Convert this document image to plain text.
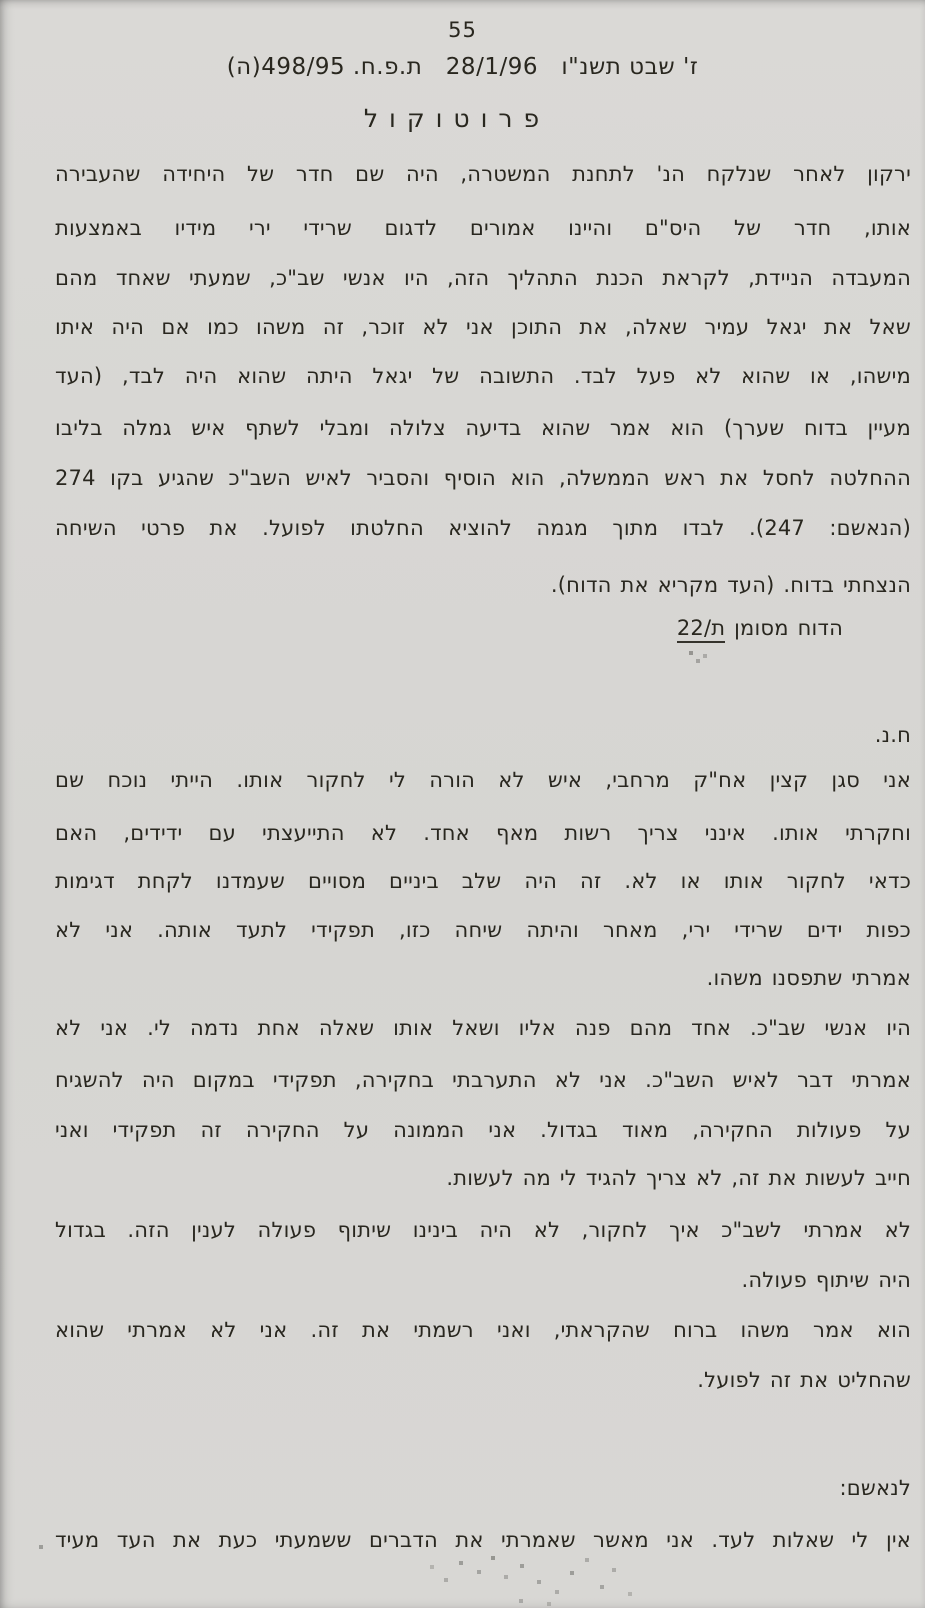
55
ז' שבט תשנ"ו   28/1/96   ת.פ.ח. 498/95(ה)
פרוטוקול
ירקון לאחר שנלקח הנ' לתחנת המשטרה, היה שם חדר של היחידה שהעבירה
אותו, חדר של היס"ם והיינו אמורים לדגום שרידי ירי מידיו באמצעות
המעבדה הניידת, לקראת הכנת התהליך הזה, היו אנשי שב"כ, שמעתי שאחד מהם
שאל את יגאל עמיר שאלה, את התוכן אני לא זוכר, זה משהו כמו אם היה איתו
מישהו, או שהוא לא פעל לבד. התשובה של יגאל היתה שהוא היה לבד, (העד
מעיין בדוח שערך) הוא אמר שהוא בדיעה צלולה ומבלי לשתף איש גמלה בליבו
ההחלטה לחסל את ראש הממשלה, הוא הוסיף והסביר לאיש השב"כ שהגיע בקו 274
(הנאשם: 247). לבדו מתוך מגמה להוציא החלטתו לפועל. את פרטי השיחה
הנצחתי בדוח. (העד מקריא את הדוח).
הדוח מסומן ת/22
ח.נ.
אני סגן קצין אח"ק מרחבי, איש לא הורה לי לחקור אותו. הייתי נוכח שם
וחקרתי אותו. אינני צריך רשות מאף אחד. לא התייעצתי עם ידידים, האם
כדאי לחקור אותו או לא. זה היה שלב ביניים מסויים שעמדנו לקחת דגימות
כפות ידים שרידי ירי, מאחר והיתה שיחה כזו, תפקידי לתעד אותה. אני לא
אמרתי שתפסנו משהו.
היו אנשי שב"כ. אחד מהם פנה אליו ושאל אותו שאלה אחת נדמה לי. אני לא
אמרתי דבר לאיש השב"כ. אני לא התערבתי בחקירה, תפקידי במקום היה להשגיח
על פעולות החקירה, מאוד בגדול. אני הממונה על החקירה זה תפקידי ואני
חייב לעשות את זה, לא צריך להגיד לי מה לעשות.
לא אמרתי לשב"כ איך לחקור, לא היה בינינו שיתוף פעולה לענין הזה. בגדול
היה שיתוף פעולה.
הוא אמר משהו ברוח שהקראתי, ואני רשמתי את זה. אני לא אמרתי שהוא
שהחליט את זה לפועל.
לנאשם:
אין לי שאלות לעד. אני מאשר שאמרתי את הדברים ששמעתי כעת את העד מעיד
